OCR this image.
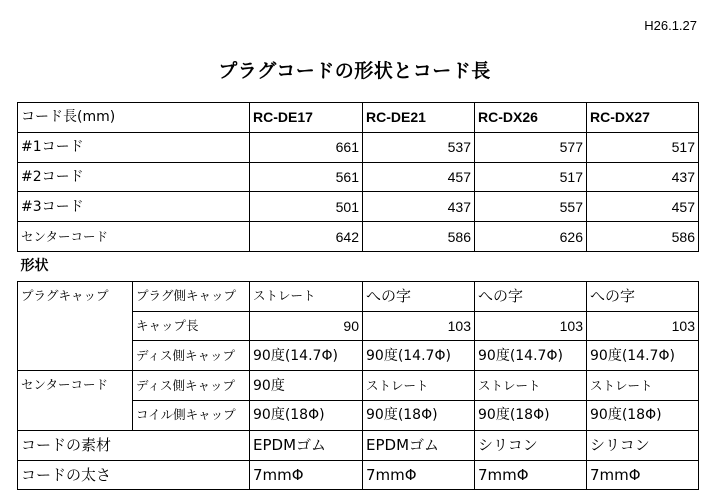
H26.1.27
プラグコードの形状とコード長
コード長(mm)		RC-DE17	RC-DE21	RC-DX26	RC-DX27
#1コード		661	537	577	517
#2コード		561	457	517	437
#3コード		501	437	557	457
センターコード		642	586	626	586
形状					
プラグキャップ	プラグ側キャップ	ストレート	への字	への字	への字
	キャップ長	90	103	103	103
	ディス側キャップ	90度(14.7Φ)	90度(14.7Φ)	90度(14.7Φ)	90度(14.7Φ)
センターコード	ディス側キャップ	90度	ストレート	ストレート	ストレート
	コイル側キャップ	90度(18Φ)	90度(18Φ)	90度(18Φ)	90度(18Φ)
コードの素材		EPDMゴム	EPDMゴム	シリコン	シリコン
コードの太さ		7mmΦ	7mmΦ	7mmΦ	7mmΦ
